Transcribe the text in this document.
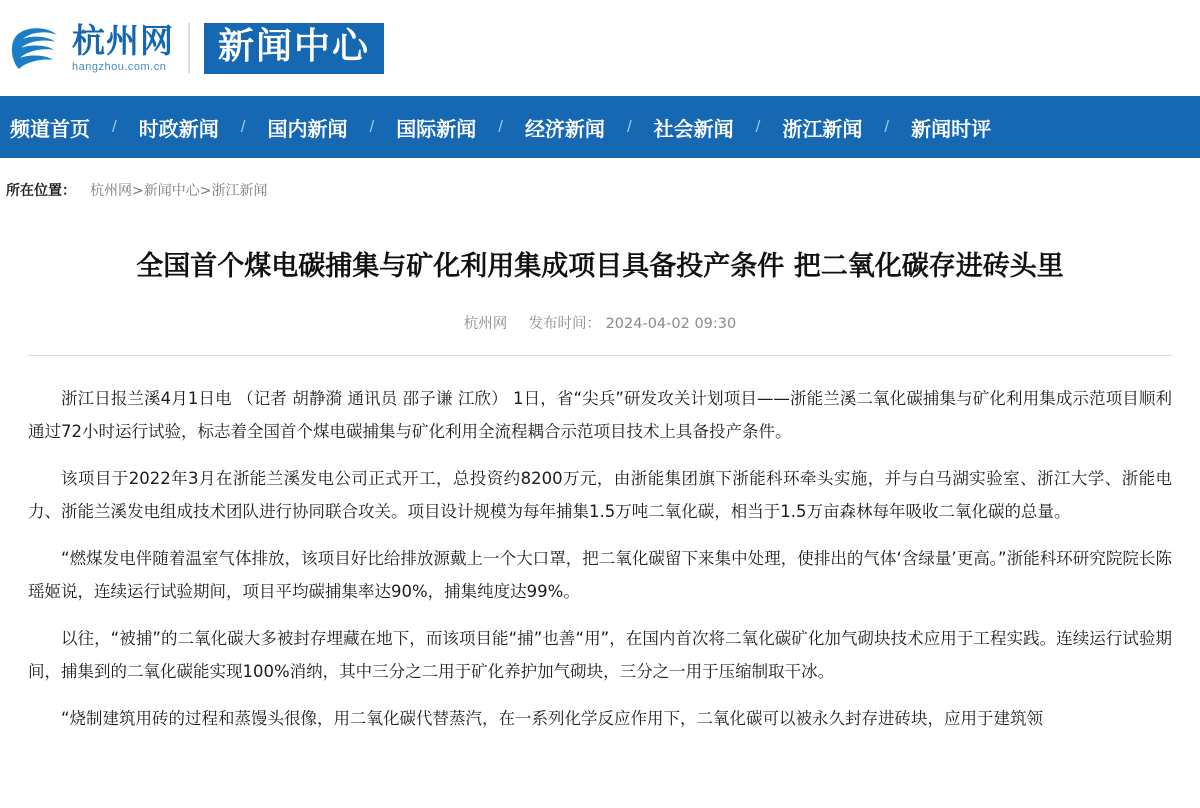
杭州网
hangzhou.com.cn	新闻中心
频道首页	/	时政新闻	/	国内新闻	/	国际新闻	/	经济新闻	/	社会新闻	/	浙江新闻	/	新闻时评
所在位置： 杭州网>新闻中心>浙江新闻
全国首个煤电碳捕集与矿化利用集成项目具备投产条件 把二氧化碳存进砖头里
杭州网 发布时间： 2024-04-02 09:30

浙江日报兰溪4月1日电 （记者 胡静漪 通讯员 邵子谦 江欣） 1日，省“尖兵”研发攻关计划项目——浙能兰溪二氧化碳捕集与矿化利用集成示范项目顺利通过72小时运行试验，标志着全国首个煤电碳捕集与矿化利用全流程耦合示范项目技术上具备投产条件。

该项目于2022年3月在浙能兰溪发电公司正式开工，总投资约8200万元，由浙能集团旗下浙能科环牵头实施，并与白马湖实验室、浙江大学、浙能电力、浙能兰溪发电组成技术团队进行协同联合攻关。项目设计规模为每年捕集1.5万吨二氧化碳，相当于1.5万亩森林每年吸收二氧化碳的总量。

“燃煤发电伴随着温室气体排放，该项目好比给排放源戴上一个大口罩，把二氧化碳留下来集中处理，使排出的气体‘含绿量’更高。”浙能科环研究院院长陈瑶姬说，连续运行试验期间，项目平均碳捕集率达90%，捕集纯度达99%。

以往，“被捕”的二氧化碳大多被封存埋藏在地下，而该项目能“捕”也善“用”，在国内首次将二氧化碳矿化加气砌块技术应用于工程实践。连续运行试验期间，捕集到的二氧化碳能实现100%消纳，其中三分之二用于矿化养护加气砌块，三分之一用于压缩制取干冰。

“烧制建筑用砖的过程和蒸馒头很像，用二氧化碳代替蒸汽，在一系列化学反应作用下，二氧化碳可以被永久封存进砖块，应用于建筑领
